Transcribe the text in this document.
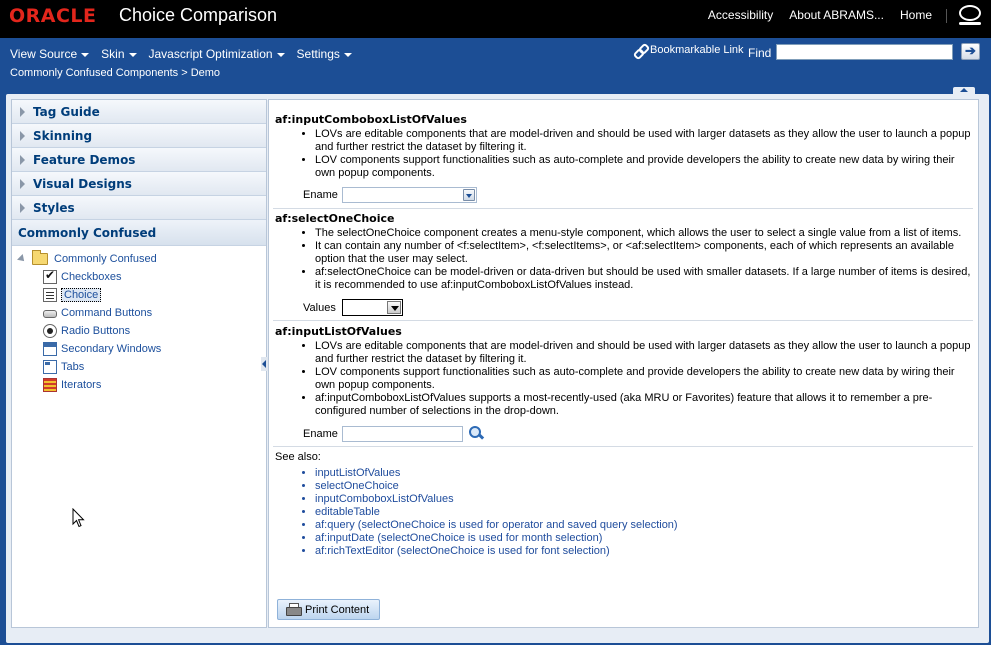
ORACLE Choice Comparison	Accessibility About ABRAMS... Home
View Source	Skin	Javascript Optimization	Settings
Commonly Confused Components > Demo
Bookmarkable Link Find	➔
Tag Guide
Skinning
Feature Demos
Visual Designs
Styles
Commonly Confused
Commonly Confused
✔
Checkboxes
Choice
Command Buttons
Radio Buttons
Secondary Windows
Tabs
Iterators
af:inputComboboxListOfValues
• LOVs are editable components that are model-driven and should be used with larger datasets as they allow the user to launch a popup and further restrict the dataset by filtering it.
• LOV components support functionalities such as auto-complete and provide developers the ability to create new data by wiring their own popup components.
Ename
af:selectOneChoice
• The selectOneChoice component creates a menu-style component, which allows the user to select a single value from a list of items.
• It can contain any number of <f:selectItem>, <f:selectItems>, or <af:selectItem> components, each of which represents an available option that the user may select.
• af:selectOneChoice can be model-driven or data-driven but should be used with smaller datasets. If a large number of items is desired, it is recommended to use af:inputComboboxListOfValues instead.
Values
af:inputListOfValues
• LOVs are editable components that are model-driven and should be used with larger datasets as they allow the user to launch a popup and further restrict the dataset by filtering it.
• LOV components support functionalities such as auto-complete and provide developers the ability to create new data by wiring their own popup components.
• af:inputComboboxListOfValues supports a most-recently-used (aka MRU or Favorites) feature that allows it to remember a pre-configured number of selections in the drop-down.
Ename
See also:
• inputListOfValues
• selectOneChoice
• inputComboboxListOfValues
• editableTable
• af:query (selectOneChoice is used for operator and saved query selection)
• af:inputDate (selectOneChoice is used for month selection)
• af:richTextEditor (selectOneChoice is used for font selection)
Print Content
